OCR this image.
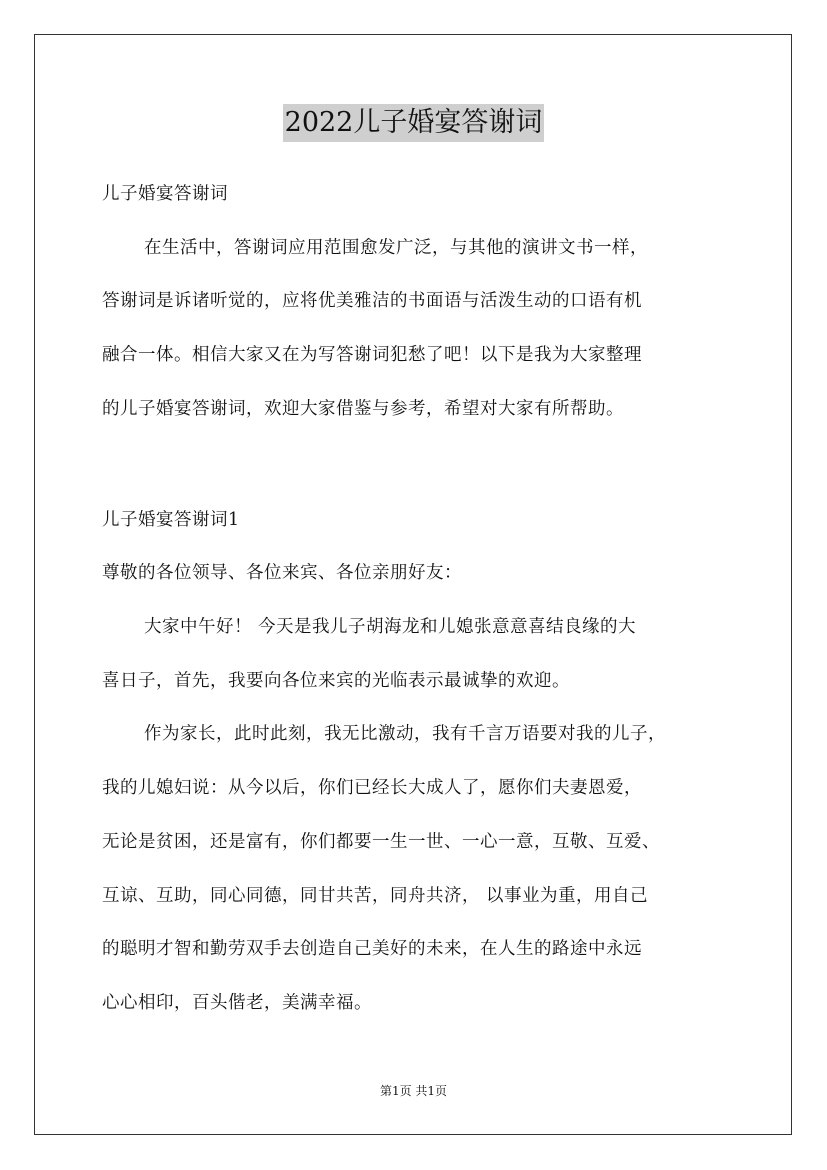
2022儿子婚宴答谢词
儿子婚宴答谢词
在生活中，答谢词应用范围愈发广泛，与其他的演讲文书一样，
答谢词是诉诸听觉的，应将优美雅洁的书面语与活泼生动的口语有机
融合一体。相信大家又在为写答谢词犯愁了吧！以下是我为大家整理
的儿子婚宴答谢词，欢迎大家借鉴与参考，希望对大家有所帮助。
儿子婚宴答谢词1
尊敬的各位领导、各位来宾、各位亲朋好友：
大家中午好！ 今天是我儿子胡海龙和儿媳张意意喜结良缘的大
喜日子，首先，我要向各位来宾的光临表示最诚挚的欢迎。
作为家长，此时此刻，我无比激动，我有千言万语要对我的儿子，
我的儿媳妇说：从今以后，你们已经长大成人了，愿你们夫妻恩爱，
无论是贫困，还是富有，你们都要一生一世、一心一意，互敬、互爱、
互谅、互助，同心同德，同甘共苦，同舟共济， 以事业为重，用自己
的聪明才智和勤劳双手去创造自己美好的未来，在人生的路途中永远
心心相印，百头偕老，美满幸福。
第1页 共1页
